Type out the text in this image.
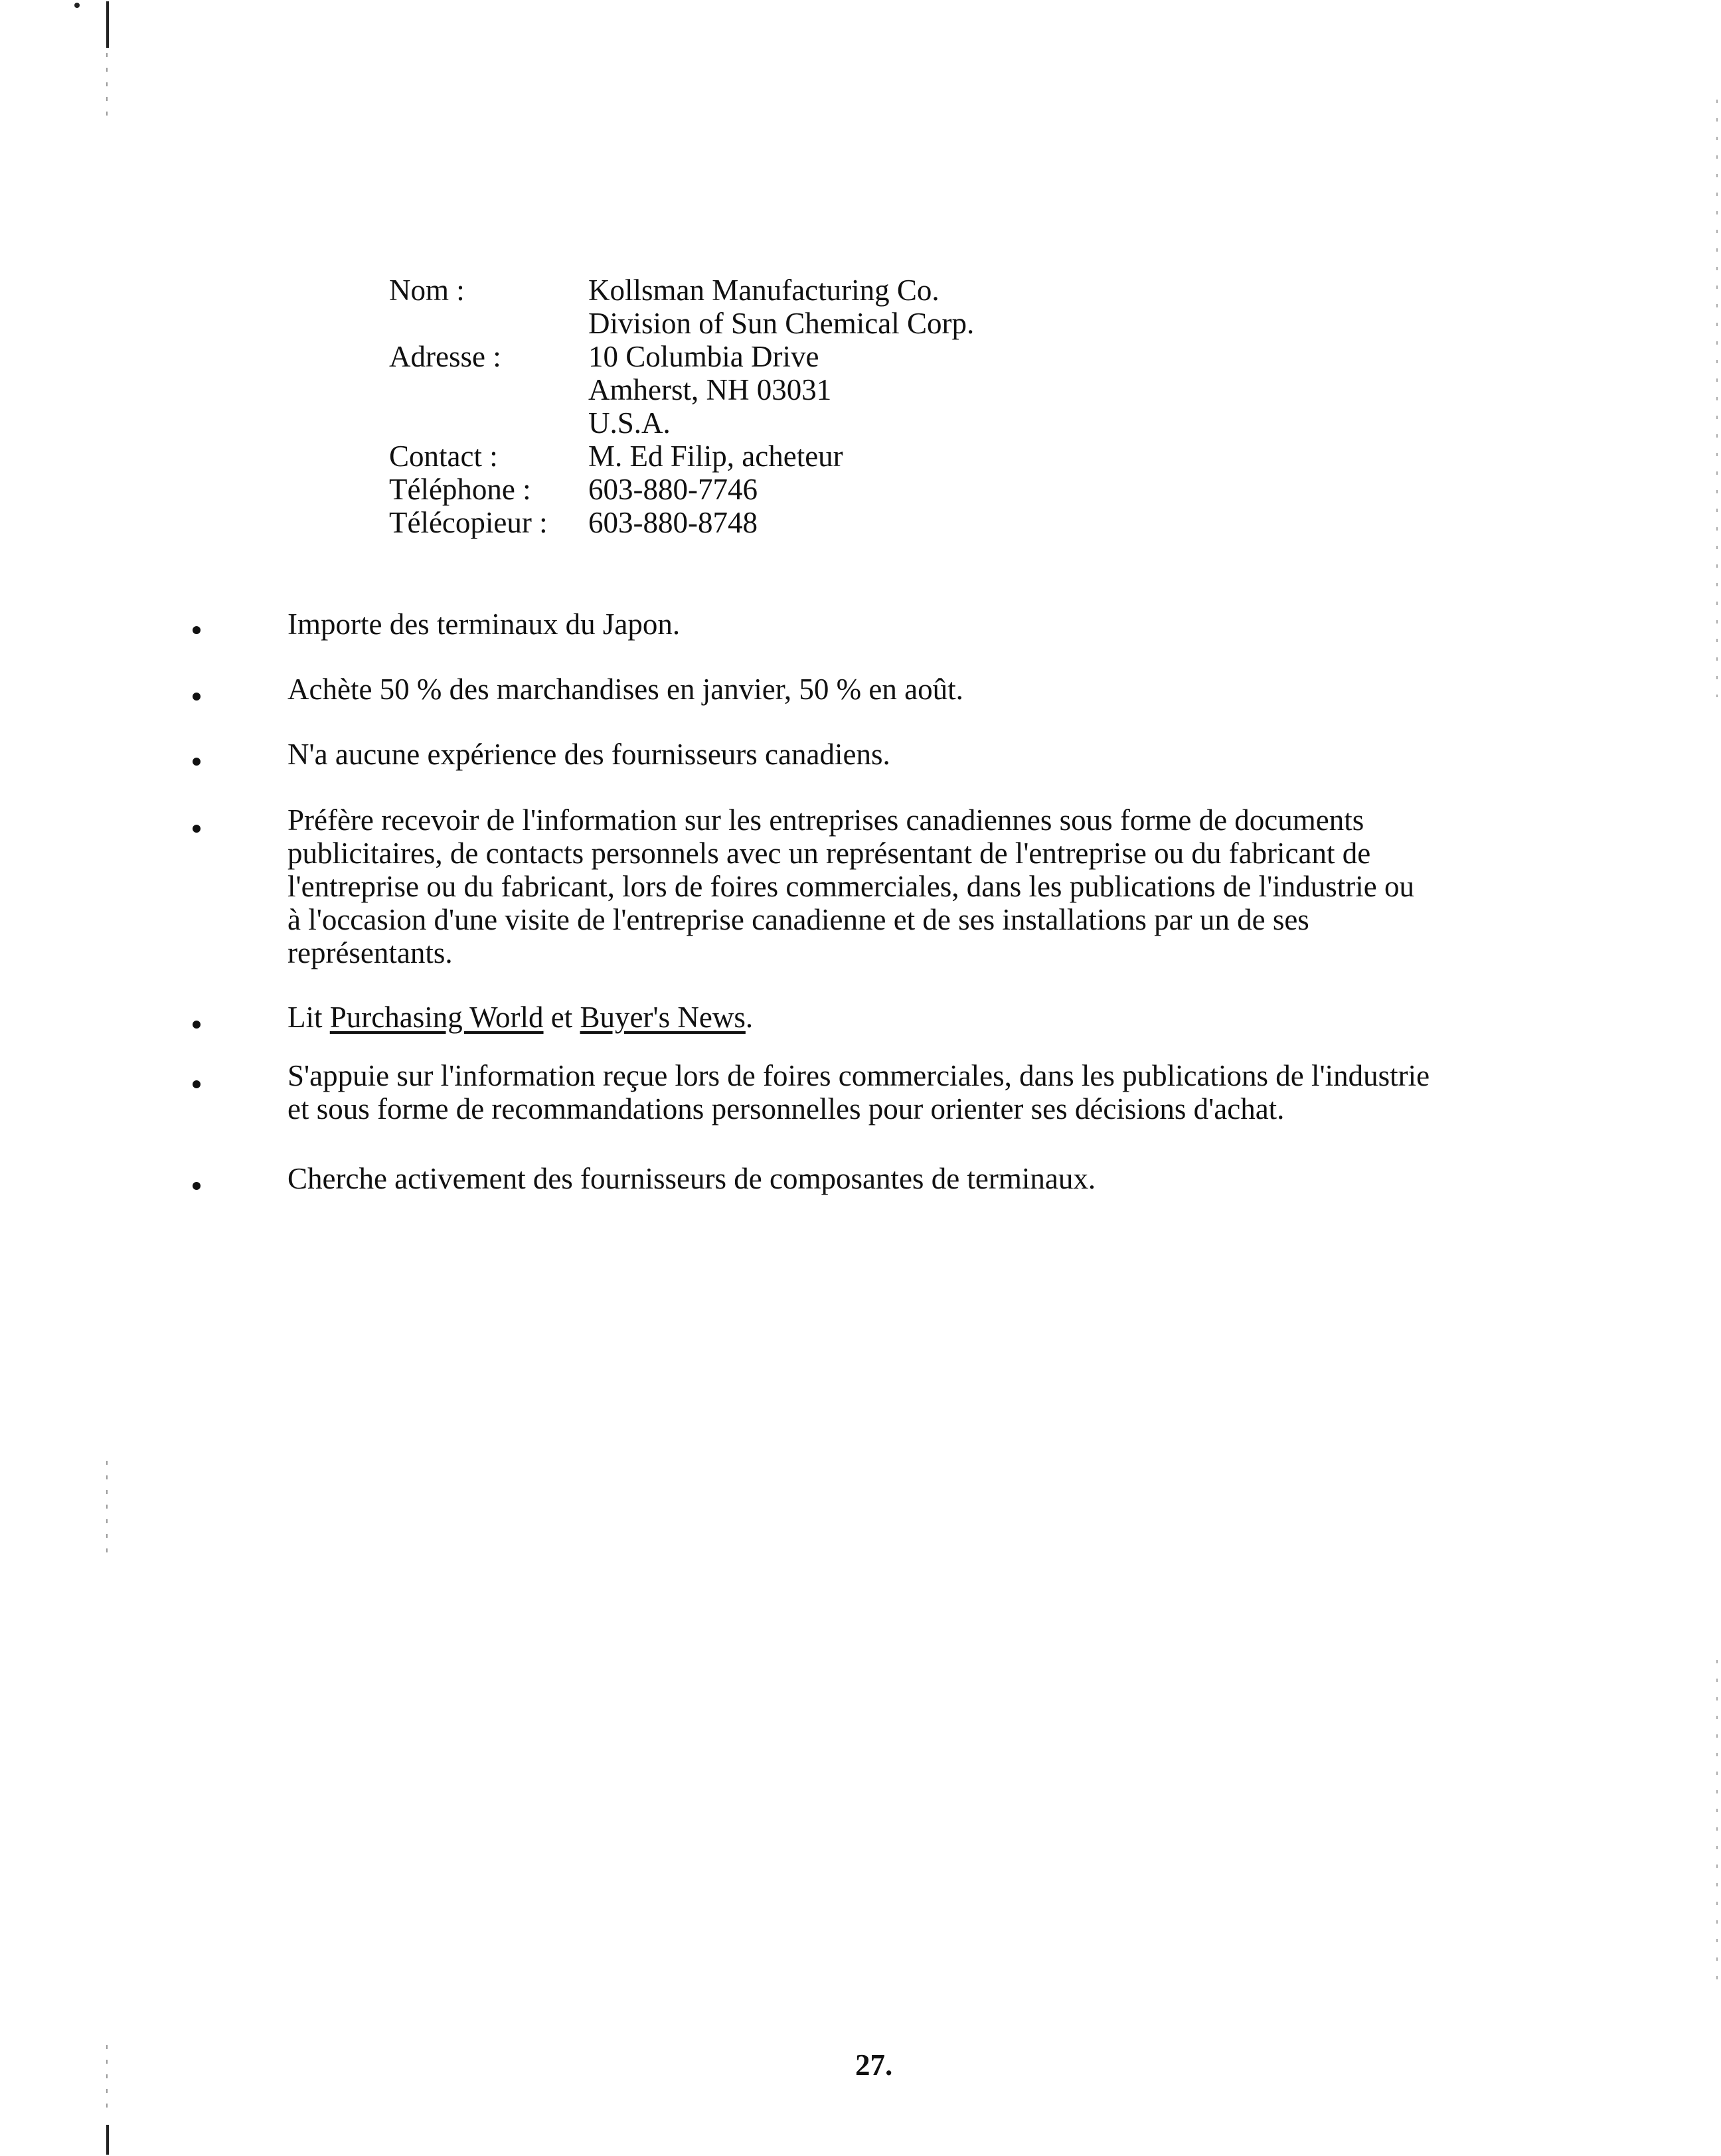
Nom :	Kollsman Manufacturing Co.
Division of Sun Chemical Corp.
Adresse :	10 Columbia Drive
Amherst, NH 03031
U.S.A.
Contact :	M. Ed Filip, acheteur
Téléphone :	603-880-7746
Télécopieur :	603-880-8748
Importe des terminaux du Japon.
Achète 50 % des marchandises en janvier, 50 % en août.
N'a aucune expérience des fournisseurs canadiens.
Préfère recevoir de l'information sur les entreprises canadiennes sous forme de documents
publicitaires, de contacts personnels avec un représentant de l'entreprise ou du fabricant de
l'entreprise ou du fabricant, lors de foires commerciales, dans les publications de l'industrie ou
à l'occasion d'une visite de l'entreprise canadienne et de ses installations par un de ses
représentants.
Lit Purchasing World et Buyer's News.
S'appuie sur l'information reçue lors de foires commerciales, dans les publications de l'industrie
et sous forme de recommandations personnelles pour orienter ses décisions d'achat.
Cherche activement des fournisseurs de composantes de terminaux.
27.
